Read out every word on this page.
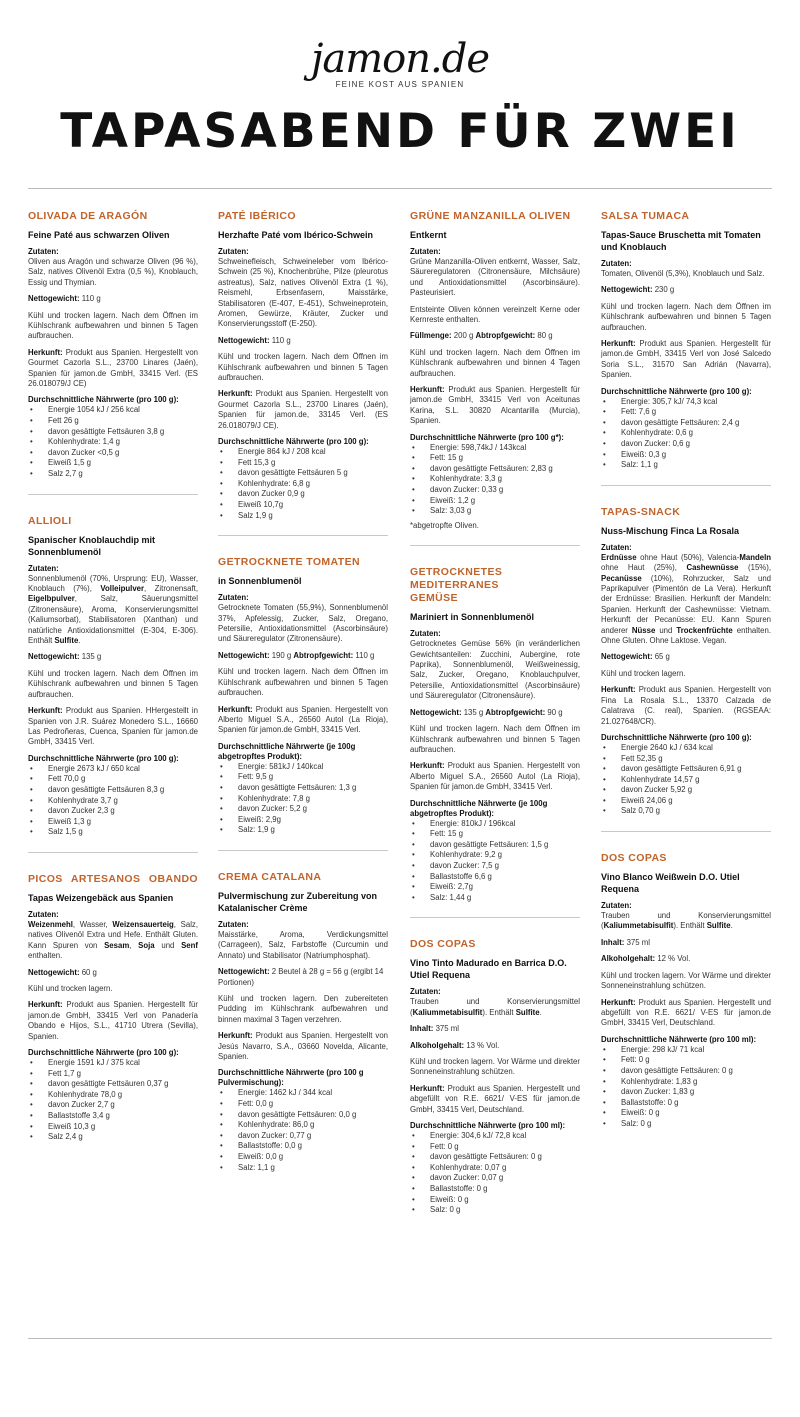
jamon.de
FEINE KOST AUS SPANIEN
TAPASABEND FÜR ZWEI
OLIVADA DE ARAGÓN
Feine Paté aus schwarzen Oliven
Zutaten:
Oliven aus Aragón und schwarze Oliven (96 %), Salz, natives Olivenöl Extra (0,5 %), Knoblauch, Essig und Thymian.
Nettogewicht: 110 g
Kühl und trocken lagern. Nach dem Öffnen im Kühlschrank aufbewahren und binnen 5 Tagen aufbrauchen.
Herkunft: Produkt aus Spanien. Hergestellt von Gourmet Cazorla S.L., 23700 Linares (Jaén), Spanien für jamon.de GmbH, 33415 Verl. (ES 26.018079/J CE)
Durchschnittliche Nährwerte (pro 100 g):
• Energie 1054 kJ / 256 kcal
• Fett 26 g
• davon gesättigte Fettsäuren 3,8 g
• Kohlenhydrate: 1,4 g
• davon Zucker <0,5 g
• Eiweiß 1,5 g
• Salz 2,7 g
ALLIOLI
Spanischer Knoblauchdip mit Sonnenblumenöl
Zutaten:
Sonnenblumenöl (70%, Ursprung: EU), Wasser, Knoblauch (7%), Volleipulver, Zitronensaft, Eigelbpulver, Salz, Säuerungsmittel (Zitronensäure), Aroma, Konservierungsmittel (Kaliumsorbat), Stabilisatoren (Xanthan) und natürliche Antioxidationsmittel (E-304, E-306). Enthält Sulfite.
Nettogewicht: 135 g
Kühl und trocken lagern. Nach dem Öffnen im Kühlschrank aufbewahren und binnen 5 Tagen aufbrauchen.
Herkunft: Produkt aus Spanien. HHergestellt in Spanien von J.R. Suárez Monedero S.L., 16660 Las Pedroñeras, Cuenca, Spanien für jamon.de GmbH, 33415 Verl.
Durchschnittliche Nährwerte (pro 100 g):
• Energie 2673 kJ / 650 kcal
• Fett 70,0 g
• davon gesättigte Fettsäuren 8,3 g
• Kohlenhydrate 3,7 g
• davon Zucker 2,3 g
• Eiweiß 1,3 g
• Salz 1,5 g
PICOS ARTESANOS OBANDO
Tapas Weizengebäck aus Spanien
Zutaten:
Weizenmehl, Wasser, Weizensauerteig, Salz, natives Olivenöl Extra und Hefe. Enthält Gluten. Kann Spuren von Sesam, Soja und Senf enthalten.
Nettogewicht: 60 g
Kühl und trocken lagern.
Herkunft: Produkt aus Spanien. Hergestellt für jamon.de GmbH, 33415 Verl von Panadería Obando e Hijos, S.L., 41710 Utrera (Sevilla), Spanien.
Durchschnittliche Nährwerte (pro 100 g):
• Energie 1591 kJ / 375 kcal
• Fett 1,7 g
• davon gesättigte Fettsäuren 0,37 g
• Kohlenhydrate 78,0 g
• davon Zucker 2,7 g
• Ballaststoffe 3,4 g
• Eiweiß 10,3 g
• Salz 2,4 g
PATÉ IBÉRICO
Herzhafte Paté vom Ibérico-Schwein
Zutaten:
Schweinefleisch, Schweineleber vom Ibérico-Schwein (25 %), Knochenbrühe, Pilze (pleurotus astreatus), Salz, natives Olivenöl Extra (1 %), Reismehl, Erbsenfasern, Maisstärke, Stabilisatoren (E-407, E-451), Schweineprotein, Aromen, Gewürze, Kräuter, Zucker und Konservierungsstoff (E-250).
Nettogewicht: 110 g
Kühl und trocken lagern. Nach dem Öffnen im Kühlschrank aufbewahren und binnen 5 Tagen aufbrauchen.
Herkunft: Produkt aus Spanien. Hergestellt von Gourmet Cazorla S.L., 23700 Linares (Jaén), Spanien für jamon.de, 33145 Verl. (ES 26.018079/J CE).
Durchschnittliche Nährwerte (pro 100 g):
• Energie 864 kJ / 208 kcal
• Fett 15,3 g
• davon gesättigte Fettsäuren 5 g
• Kohlenhydrate: 6,8 g
• davon Zucker 0,9 g
• Eiweiß 10,7g
• Salz 1,9 g
GETROCKNETE TOMATEN
in Sonnenblumenöl
Zutaten:
Getrocknete Tomaten (55,9%), Sonnenblumenöl 37%, Apfelessig, Zucker, Salz, Oregano, Petersilie, Antioxidationsmittel (Ascorbinsäure) und Säureregulator (Zitronensäure).
Nettogewicht: 190 g Abtropfgewicht: 110 g
Kühl und trocken lagern. Nach dem Öffnen im Kühlschrank aufbewahren und binnen 5 Tagen aufbrauchen.
Herkunft: Produkt aus Spanien. Hergestellt von Alberto Miguel S.A., 26560 Autol (La Rioja), Spanien für jamon.de GmbH, 33415 Verl.
Durchschnittliche Nährwerte (je 100g abgetropftes Produkt):
• Energie: 581kJ / 140kcal
• Fett: 9,5 g
• davon gesättigte Fettsäuren: 1,3 g
• Kohlenhydrate: 7,8 g
• davon Zucker: 5,2 g
• Eiweiß: 2,9g
• Salz: 1,9 g
CREMA CATALANA
Pulvermischung zur Zubereitung von Katalanischer Crème
Zutaten:
Maisstärke, Aroma, Verdickungsmittel (Carrageen), Salz, Farbstoffe (Curcumin und Annato) und Stabilisator (Natriumphosphat).
Nettogewicht: 2 Beutel à 28 g = 56 g (ergibt 14 Portionen)
Kühl und trocken lagern. Den zubereiteten Pudding im Kühlschrank aufbewahren und binnen maximal 3 Tagen verzehren.
Herkunft: Produkt aus Spanien. Hergestellt von Jesús Navarro, S.A., 03660 Novelda, Alicante, Spanien.
Durchschnittliche Nährwerte (pro 100 g Pulvermischung):
• Energie: 1462 kJ / 344 kcal
• Fett: 0,0 g
• davon gesättigte Fettsäuren: 0,0 g
• Kohlenhydrate: 86,0 g
• davon Zucker: 0,77 g
• Ballaststoffe: 0,0 g
• Eiweiß: 0,0 g
• Salz: 1,1 g
GRÜNE MANZANILLA OLIVEN
Entkernt
Zutaten:
Grüne Manzanilla-Oliven entkernt, Wasser, Salz, Säureregulatoren (Citronensäure, Milchsäure) und Antioxidationsmittel (Ascorbinsäure). Pasteurisiert.
Entsteinte Oliven können vereinzelt Kerne oder Kernreste enthalten.
Füllmenge: 200 g Abtropfgewicht: 80 g
Kühl und trocken lagern. Nach dem Öffnen im Kühlschrank aufbewahren und binnen 4 Tagen aufbrauchen.
Herkunft: Produkt aus Spanien. Hergestellt für jamon.de GmbH, 33415 Verl von Aceitunas Karina, S.L. 30820 Alcantarilla (Murcia), Spanien.
Durchschnittliche Nährwerte (pro 100 g*):
• Energie: 598,74kJ / 143kcal
• Fett: 15 g
• davon gesättigte Fettsäuren: 2,83 g
• Kohlenhydrate: 3,3 g
• davon Zucker: 0,33 g
• Eiweiß: 1,2 g
• Salz: 3,03 g
*abgetropfte Oliven.
GETROCKNETES MEDITERRANES GEMÜSE
Mariniert in Sonnenblumenöl
Zutaten:
Getrocknetes Gemüse 56% (in veränderlichen Gewichtsanteilen: Zucchini, Aubergine, rote Paprika), Sonnenblumenöl, Weißweinessig, Salz, Zucker, Oregano, Knoblauchpulver, Petersilie, Antioxidationsmittel (Ascorbinsäure) und Säureregulator (Citronensäure).
Nettogewicht: 135 g Abtropfgewicht: 90 g
Kühl und trocken lagern. Nach dem Öffnen im Kühlschrank aufbewahren und binnen 5 Tagen aufbrauchen.
Herkunft: Produkt aus Spanien. Hergestellt von Alberto Miguel S.A., 26560 Autol (La Rioja), Spanien für jamon.de GmbH, 33415 Verl.
Durchschnittliche Nährwerte (je 100g abgetropftes Produkt):
• Energie: 810kJ / 196kcal
• Fett: 15 g
• davon gesättigte Fettsäuren: 1,5 g
• Kohlenhydrate: 9,2 g
• davon Zucker: 7,5 g
• Ballaststoffe 6,6 g
• Eiweiß: 2,7g
• Salz: 1,44 g
DOS COPAS
Vino Tinto Madurado en Barrica D.O. Utiel Requena
Zutaten:
Trauben und Konservierungsmittel (Kaliummetabisulfit). Enthält Sulfite.
Inhalt: 375 ml
Alkoholgehalt: 13 % Vol.
Kühl und trocken lagern. Vor Wärme und direkter Sonneneinstrahlung schützen.
Herkunft: Produkt aus Spanien. Hergestellt und abgefüllt von R.E. 6621/ V-ES für jamon.de GmbH, 33415 Verl, Deutschland.
Durchschnittliche Nährwerte (pro 100 ml):
• Energie: 304,6 kJ/ 72,8 kcal
• Fett: 0 g
• davon gesättigte Fettsäuren: 0 g
• Kohlenhydrate: 0,07 g
• davon Zucker: 0,07 g
• Ballaststoffe: 0 g
• Eiweiß: 0 g
• Salz: 0 g
SALSA TUMACA
Tapas-Sauce Bruschetta mit Tomaten und Knoblauch
Zutaten:
Tomaten, Olivenöl (5,3%), Knoblauch und Salz.
Nettogewicht: 230 g
Kühl und trocken lagern. Nach dem Öffnen im Kühlschrank aufbewahren und binnen 5 Tagen aufbrauchen.
Herkunft: Produkt aus Spanien. Hergestellt für jamon.de GmbH, 33415 Verl von José Salcedo Soria S.L., 31570 San Adrián (Navarra), Spanien.
Durchschnittliche Nährwerte (pro 100 g):
• Energie: 305,7 kJ/ 74,3 kcal
• Fett: 7,6 g
• davon gesättigte Fettsäuren: 2,4 g
• Kohlenhydrate: 0,6 g
• davon Zucker: 0,6 g
• Eiweiß: 0,3 g
• Salz: 1,1 g
TAPAS-SNACK
Nuss-Mischung Finca La Rosala
Zutaten:
Erdnüsse ohne Haut (50%), Valencia-Mandeln ohne Haut (25%), Cashewnüsse (15%), Pecanüsse (10%), Rohrzucker, Salz und Paprikapulver (Pimentón de La Vera). Herkunft der Erdnüsse: Brasilien. Herkunft der Mandeln: Spanien. Herkunft der Cashewnüsse: Vietnam. Herkunft der Pecanüsse: EU. Kann Spuren anderer Nüsse und Trockenfrüchte enthalten. Ohne Gluten. Ohne Laktose. Vegan.
Nettogewicht: 65 g
Kühl und trocken lagern.
Herkunft: Produkt aus Spanien. Hergestellt von Fina La Rosala S.L., 13370 Calzada de Calatrava (C. real), Spanien. (RGSEAA: 21.027648/CR).
Durchschnittliche Nährwerte (pro 100 g):
• Energie 2640 kJ / 634 kcal
• Fett 52,35 g
• davon gesättigte Fettsäuren 6,91 g
• Kohlenhydrate 14,57 g
• davon Zucker 5,92 g
• Eiweiß 24,06 g
• Salz 0,70 g
DOS COPAS
Vino Blanco Weißwein D.O. Utiel Requena
Zutaten:
Trauben und Konservierungsmittel (Kaliummetabisulfit). Enthält Sulfite.
Inhalt: 375 ml
Alkoholgehalt: 12 % Vol.
Kühl und trocken lagern. Vor Wärme und direkter Sonneneinstrahlung schützen.
Herkunft: Produkt aus Spanien. Hergestellt und abgefüllt von R.E. 6621/ V-ES für jamon.de GmbH, 33415 Verl, Deutschland.
Durchschnittliche Nährwerte (pro 100 ml):
• Energie: 298 kJ/ 71 kcal
• Fett: 0 g
• davon gesättigte Fettsäuren: 0 g
• Kohlenhydrate: 1,83 g
• davon Zucker: 1,83 g
• Ballaststoffe: 0 g
• Eiweiß: 0 g
• Salz: 0 g
